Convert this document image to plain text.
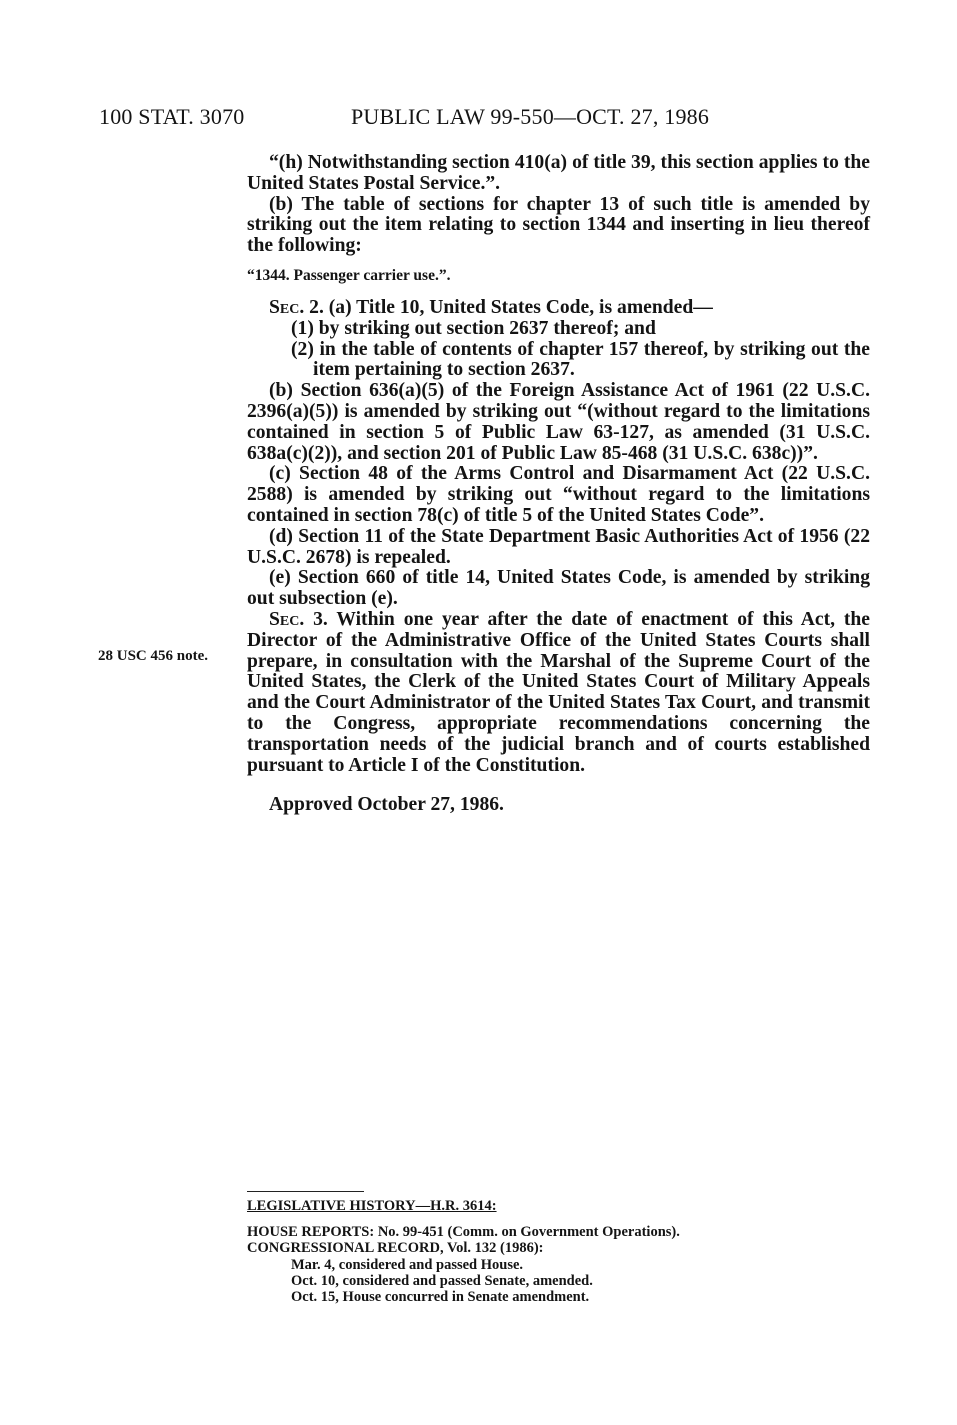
100 STAT. 3070	PUBLIC LAW 99-550—OCT. 27, 1986
28 USC 456 note.

“(h) Notwithstanding section 410(a) of title 39, this section applies to the United States Postal Service.”.

(b) The table of sections for chapter 13 of such title is amended by striking out the item relating to section 1344 and inserting in lieu thereof the following:

“1344. Passenger carrier use.”.

Sec. 2. (a) Title 10, United States Code, is amended—

(1) by striking out section 2637 thereof; and

(2) in the table of contents of chapter 157 thereof, by striking out the item pertaining to section 2637.

(b) Section 636(a)(5) of the Foreign Assistance Act of 1961 (22 U.S.C. 2396(a)(5)) is amended by striking out “(without regard to the limitations contained in section 5 of Public Law 63-127, as amended (31 U.S.C. 638a(c)(2)), and section 201 of Public Law 85-468 (31 U.S.C. 638c))”.

(c) Section 48 of the Arms Control and Disarmament Act (22 U.S.C. 2588) is amended by striking out “without regard to the limitations contained in section 78(c) of title 5 of the United States Code”.

(d) Section 11 of the State Department Basic Authorities Act of 1956 (22 U.S.C. 2678) is repealed.

(e) Section 660 of title 14, United States Code, is amended by striking out subsection (e).

Sec. 3. Within one year after the date of enactment of this Act, the Director of the Administrative Office of the United States Courts shall prepare, in consultation with the Marshal of the Supreme Court of the United States, the Clerk of the United States Court of Military Appeals and the Court Administrator of the United States Tax Court, and transmit to the Congress, appropriate recommendations concerning the transportation needs of the judicial branch and of courts established pursuant to Article I of the Constitution.

Approved October 27, 1986.

LEGISLATIVE HISTORY—H.R. 3614:

HOUSE REPORTS: No. 99-451 (Comm. on Government Operations).

CONGRESSIONAL RECORD, Vol. 132 (1986):

Mar. 4, considered and passed House.

Oct. 10, considered and passed Senate, amended.

Oct. 15, House concurred in Senate amendment.
